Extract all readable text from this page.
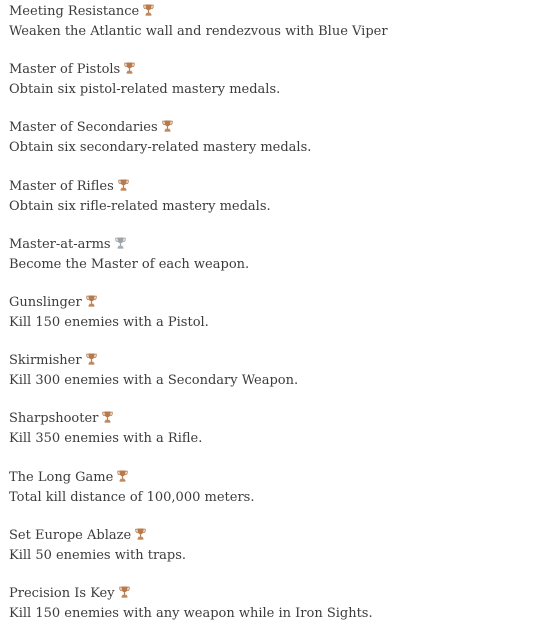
Meeting Resistance
Weaken the Atlantic wall and rendezvous with Blue Viper
Master of Pistols
Obtain six pistol-related mastery medals.
Master of Secondaries
Obtain six secondary-related mastery medals.
Master of Rifles
Obtain six rifle-related mastery medals.
Master-at-arms
Become the Master of each weapon.
Gunslinger
Kill 150 enemies with a Pistol.
Skirmisher
Kill 300 enemies with a Secondary Weapon.
Sharpshooter
Kill 350 enemies with a Rifle.
The Long Game
Total kill distance of 100,000 meters.
Set Europe Ablaze
Kill 50 enemies with traps.
Precision Is Key
Kill 150 enemies with any weapon while in Iron Sights.
